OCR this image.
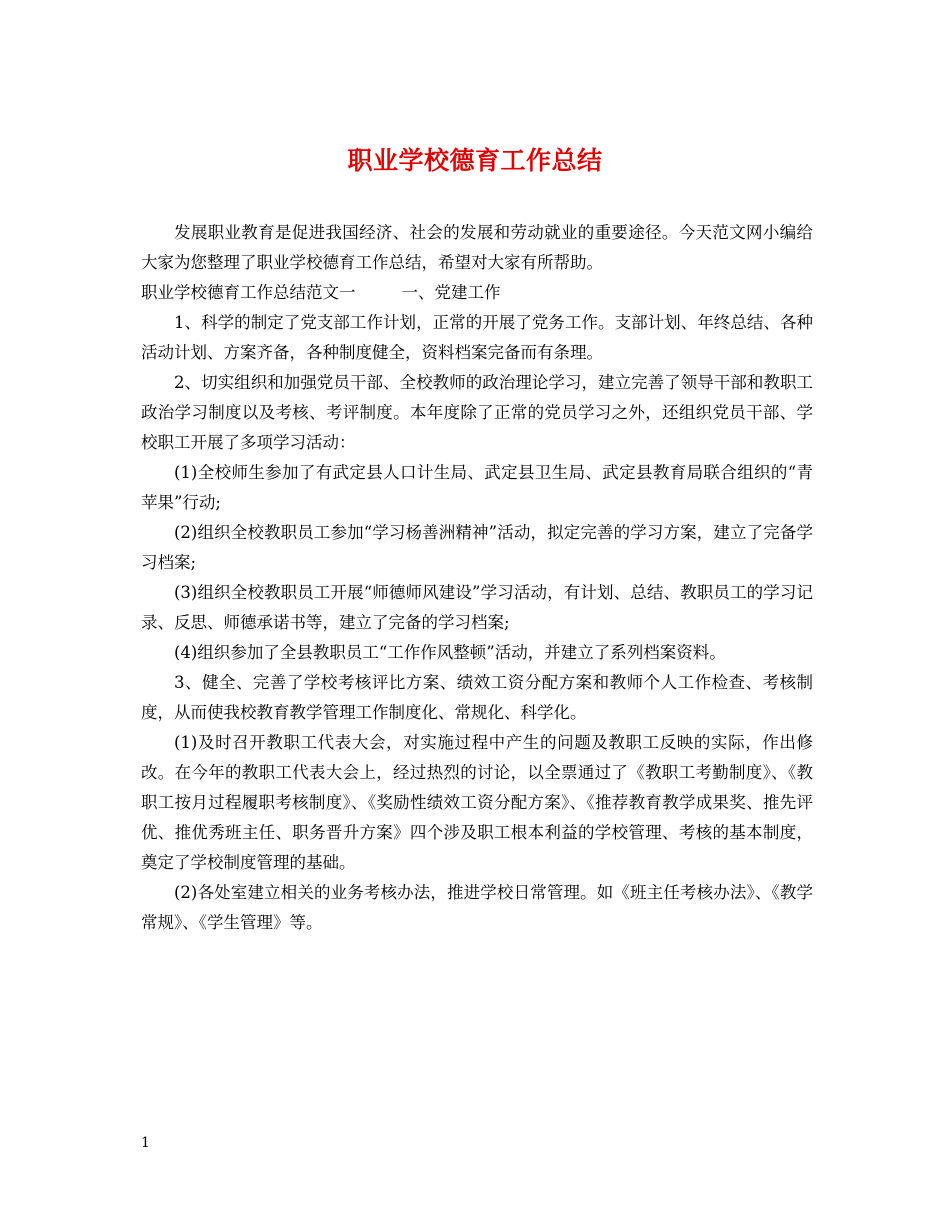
职业学校德育工作总结

发展职业教育是促进我国经济、社会的发展和劳动就业的重要途径。今天范文网小编给大家为您整理了职业学校德育工作总结，希望对大家有所帮助。

职业学校德育工作总结范文一	一、党建工作

1、科学的制定了党支部工作计划，正常的开展了党务工作。支部计划、年终总结、各种活动计划、方案齐备，各种制度健全，资料档案完备而有条理。

2、切实组织和加强党员干部、全校教师的政治理论学习，建立完善了领导干部和教职工政治学习制度以及考核、考评制度。本年度除了正常的党员学习之外，还组织党员干部、学校职工开展了多项学习活动：

(1)全校师生参加了有武定县人口计生局、武定县卫生局、武定县教育局联合组织的“青苹果”行动;

(2)组织全校教职员工参加“学习杨善洲精神”活动，拟定完善的学习方案，建立了完备学习档案;

(3)组织全校教职员工开展“师德师风建设”学习活动，有计划、总结、教职员工的学习记录、反思、师德承诺书等，建立了完备的学习档案;

(4)组织参加了全县教职员工“工作作风整顿”活动，并建立了系列档案资料。

3、健全、完善了学校考核评比方案、绩效工资分配方案和教师个人工作检查、考核制度，从而使我校教育教学管理工作制度化、常规化、科学化。

(1)及时召开教职工代表大会，对实施过程中产生的问题及教职工反映的实际，作出修改。在今年的教职工代表大会上，经过热烈的讨论，以全票通过了《教职工考勤制度》、《教职工按月过程履职考核制度》、《奖励性绩效工资分配方案》、《推荐教育教学成果奖、推先评优、推优秀班主任、职务晋升方案》四个涉及职工根本利益的学校管理、考核的基本制度，奠定了学校制度管理的基础。

(2)各处室建立相关的业务考核办法，推进学校日常管理。如《班主任考核办法》、《教学常规》、《学生管理》等。

1
